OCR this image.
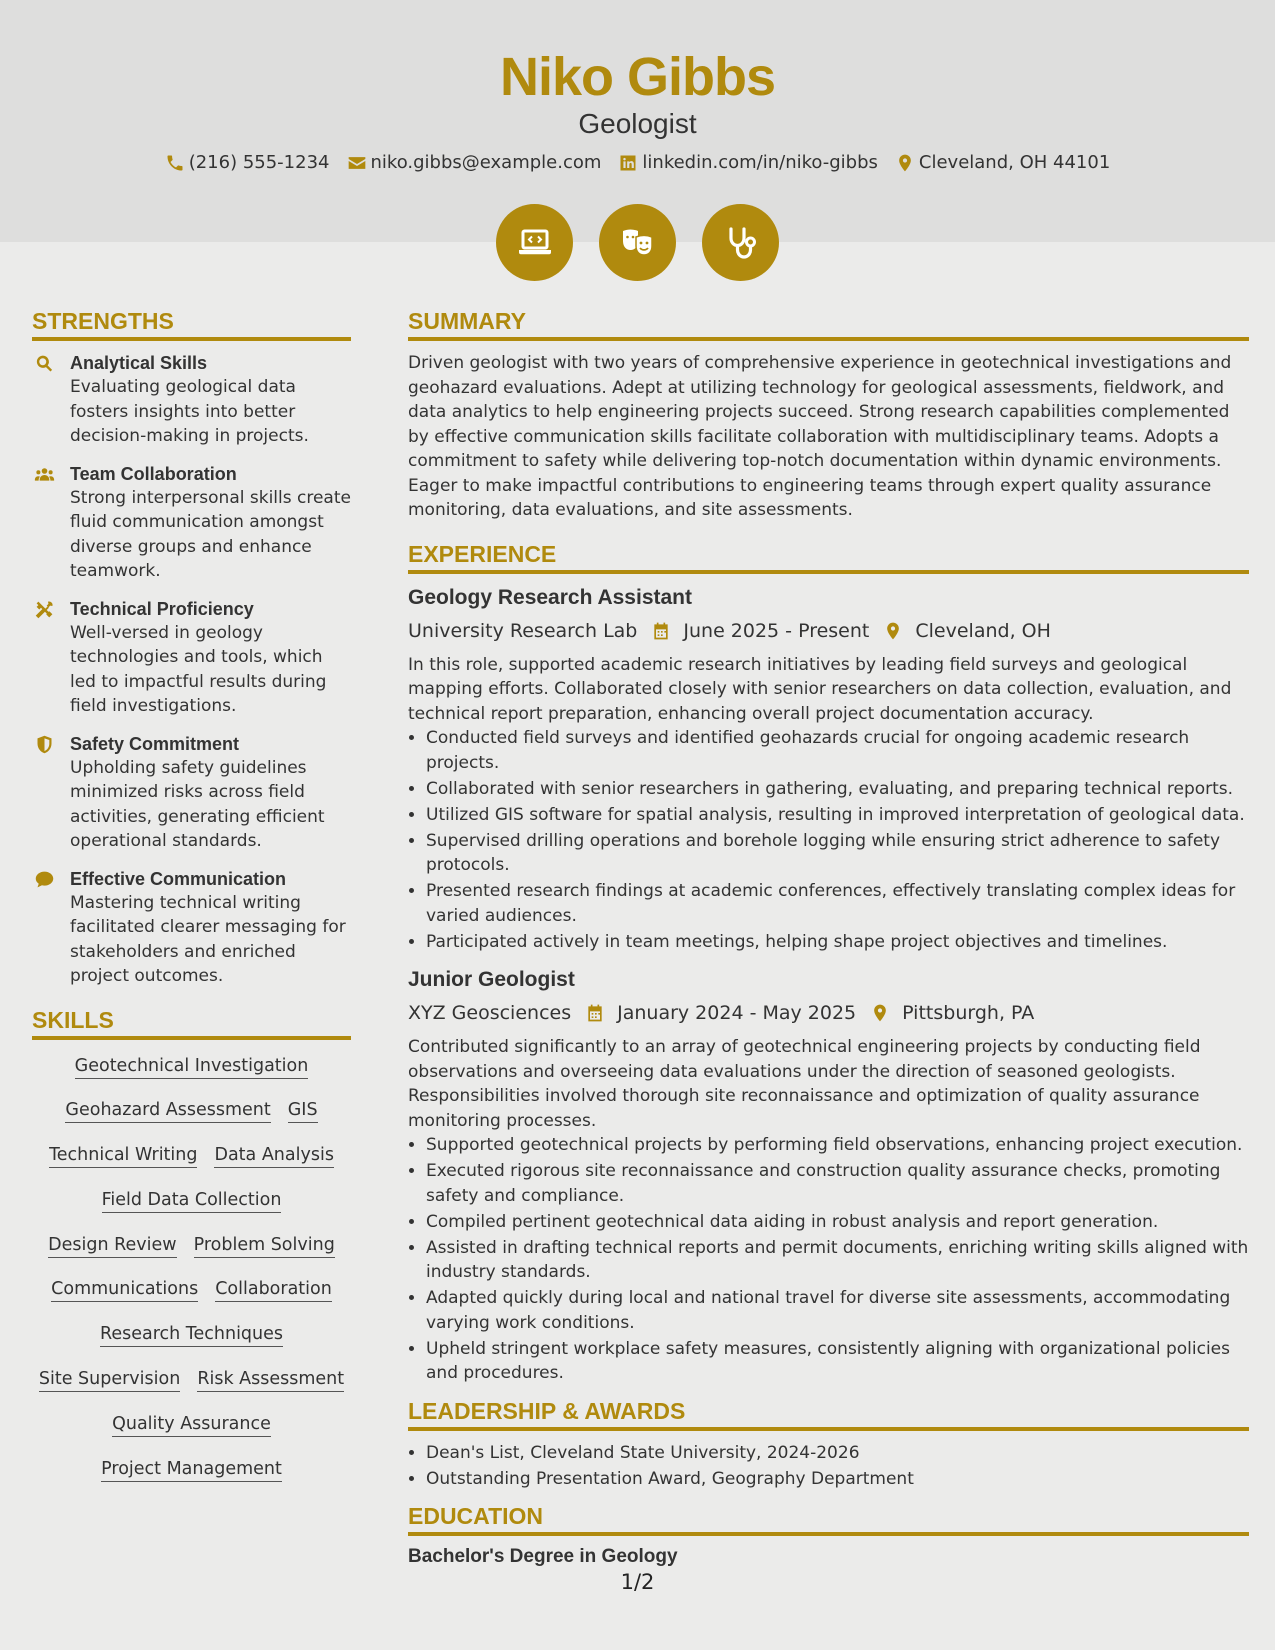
Niko Gibbs
Geologist
(216) 555-1234 niko.gibbs@example.com linkedin.com/in/niko-gibbs Cleveland, OH 44101
STRENGTHS
Analytical Skills
Evaluating geological data fosters insights into better decision-making in projects.
Team Collaboration
Strong interpersonal skills create fluid communication amongst diverse groups and enhance teamwork.
Technical Proficiency
Well-versed in geology technologies and tools, which led to impactful results during field investigations.
Safety Commitment
Upholding safety guidelines minimized risks across field activities, generating efficient operational standards.
Effective Communication
Mastering technical writing facilitated clearer messaging for stakeholders and enriched project outcomes.
SKILLS
Geotechnical Investigation
Geohazard Assessment GIS
Technical Writing Data Analysis
Field Data Collection
Design Review Problem Solving
Communications Collaboration
Research Techniques
Site Supervision Risk Assessment
Quality Assurance
Project Management
SUMMARY
Driven geologist with two years of comprehensive experience in geotechnical investigations and geohazard evaluations. Adept at utilizing technology for geological assessments, fieldwork, and data analytics to help engineering projects succeed. Strong research capabilities complemented by effective communication skills facilitate collaboration with multidisciplinary teams. Adopts a commitment to safety while delivering top-notch documentation within dynamic environments. Eager to make impactful contributions to engineering teams through expert quality assurance monitoring, data evaluations, and site assessments.
EXPERIENCE
Geology Research Assistant
University Research Lab June 2025 - Present Cleveland, OH
In this role, supported academic research initiatives by leading field surveys and geological mapping efforts. Collaborated closely with senior researchers on data collection, evaluation, and technical report preparation, enhancing overall project documentation accuracy.
• Conducted field surveys and identified geohazards crucial for ongoing academic research projects.
• Collaborated with senior researchers in gathering, evaluating, and preparing technical reports.
• Utilized GIS software for spatial analysis, resulting in improved interpretation of geological data.
• Supervised drilling operations and borehole logging while ensuring strict adherence to safety protocols.
• Presented research findings at academic conferences, effectively translating complex ideas for varied audiences.
• Participated actively in team meetings, helping shape project objectives and timelines.
Junior Geologist
XYZ Geosciences January 2024 - May 2025 Pittsburgh, PA
Contributed significantly to an array of geotechnical engineering projects by conducting field observations and overseeing data evaluations under the direction of seasoned geologists. Responsibilities involved thorough site reconnaissance and optimization of quality assurance monitoring processes.
• Supported geotechnical projects by performing field observations, enhancing project execution.
• Executed rigorous site reconnaissance and construction quality assurance checks, promoting safety and compliance.
• Compiled pertinent geotechnical data aiding in robust analysis and report generation.
• Assisted in drafting technical reports and permit documents, enriching writing skills aligned with industry standards.
• Adapted quickly during local and national travel for diverse site assessments, accommodating varying work conditions.
• Upheld stringent workplace safety measures, consistently aligning with organizational policies and procedures.
LEADERSHIP & AWARDS
• Dean's List, Cleveland State University, 2024-2026
• Outstanding Presentation Award, Geography Department
EDUCATION
Bachelor's Degree in Geology
1/2
